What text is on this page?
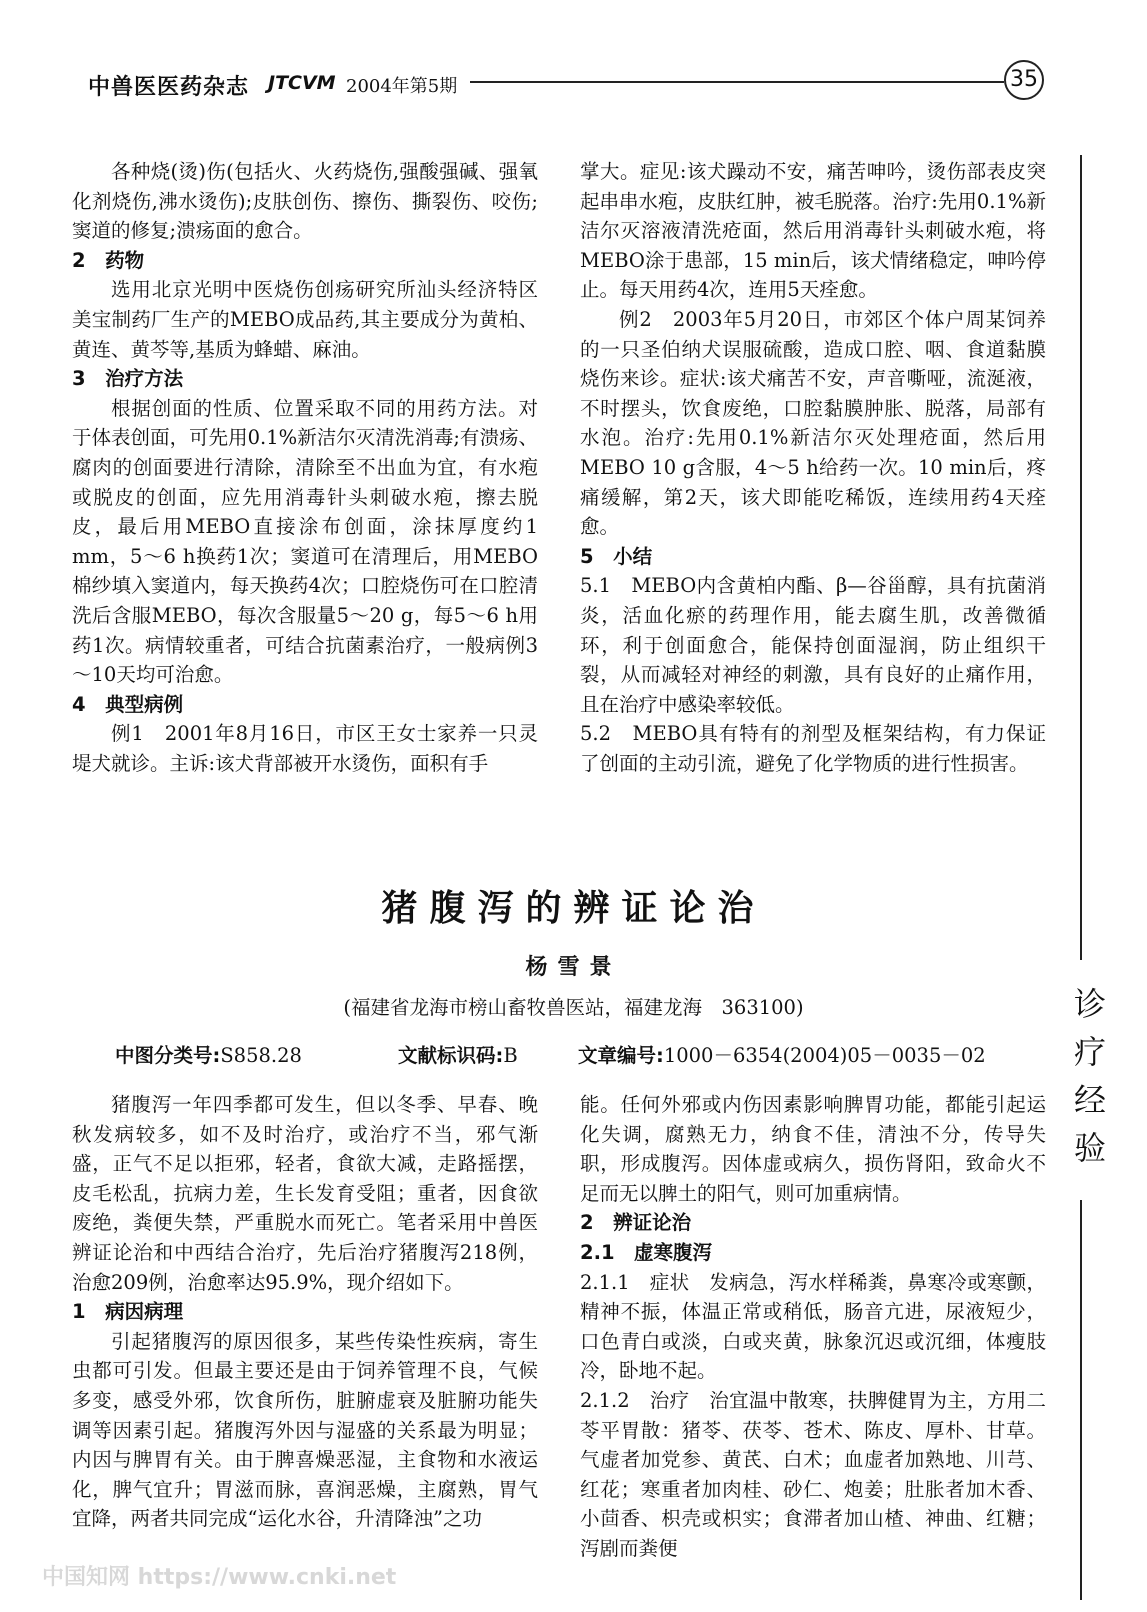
中兽医医药杂志 JTCVM 2004年第5期	35
诊疗经验

各种烧(烫)伤(包括火、火药烧伤,强酸强碱、强氧化剂烧伤,沸水烫伤);皮肤创伤、擦伤、撕裂伤、咬伤;窦道的修复;溃疡面的愈合。

2　药物

选用北京光明中医烧伤创疡研究所汕头经济特区美宝制药厂生产的MEBO成品药,其主要成分为黄柏、黄连、黄芩等,基质为蜂蜡、麻油。

3　治疗方法

根据创面的性质、位置采取不同的用药方法。对于体表创面，可先用0.1%新洁尔灭清洗消毒;有溃疡、腐肉的创面要进行清除，清除至不出血为宜，有水疱或脱皮的创面，应先用消毒针头刺破水疱，擦去脱皮，最后用MEBO直接涂布创面，涂抹厚度约1 mm，5～6 h换药1次；窦道可在清理后，用MEBO棉纱填入窦道内，每天换药4次；口腔烧伤可在口腔清洗后含服MEBO，每次含服量5～20 g，每5～6 h用药1次。病情较重者，可结合抗菌素治疗，一般病例3～10天均可治愈。

4　典型病例

例1　2001年8月16日，市区王女士家养一只灵堤犬就诊。主诉:该犬背部被开水烫伤，面积有手

掌大。症见:该犬躁动不安，痛苦呻吟，烫伤部表皮突起串串水疱，皮肤红肿，被毛脱落。治疗:先用0.1%新洁尔灭溶液清洗疮面，然后用消毒针头刺破水疱，将MEBO涂于患部，15 min后，该犬情绪稳定，呻吟停止。每天用药4次，连用5天痊愈。

例2　2003年5月20日，市郊区个体户周某饲养的一只圣伯纳犬误服硫酸，造成口腔、咽、食道黏膜烧伤来诊。症状:该犬痛苦不安，声音嘶哑，流涎液，不时摆头，饮食废绝，口腔黏膜肿胀、脱落，局部有水泡。治疗:先用0.1%新洁尔灭处理疮面，然后用MEBO 10 g含服，4～5 h给药一次。10 min后，疼痛缓解，第2天，该犬即能吃稀饭，连续用药4天痊愈。

5　小结

5.1　MEBO内含黄柏内酯、β—谷甾醇，具有抗菌消炎，活血化瘀的药理作用，能去腐生肌，改善微循环，利于创面愈合，能保持创面湿润，防止组织干裂，从而减轻对神经的刺激，具有良好的止痛作用，且在治疗中感染率较低。

5.2　MEBO具有特有的剂型及框架结构，有力保证了创面的主动引流，避免了化学物质的进行性损害。

猪腹泻的辨证论治
杨雪景
(福建省龙海市榜山畜牧兽医站，福建龙海　363100)
中图分类号:S858.28	文献标识码:B	文章编号:1000－6354(2004)05－0035－02

猪腹泻一年四季都可发生，但以冬季、早春、晚秋发病较多，如不及时治疗，或治疗不当，邪气渐盛，正气不足以拒邪，轻者，食欲大减，走路摇摆，皮毛松乱，抗病力差，生长发育受阻；重者，因食欲废绝，粪便失禁，严重脱水而死亡。笔者采用中兽医辨证论治和中西结合治疗，先后治疗猪腹泻218例，治愈209例，治愈率达95.9%，现介绍如下。

1　病因病理

引起猪腹泻的原因很多，某些传染性疾病，寄生虫都可引发。但最主要还是由于饲养管理不良，气候多变，感受外邪，饮食所伤，脏腑虚衰及脏腑功能失调等因素引起。猪腹泻外因与湿盛的关系最为明显；内因与脾胃有关。由于脾喜燥恶湿，主食物和水液运化，脾气宜升；胃滋而脉，喜润恶燥，主腐熟，胃气宜降，两者共同完成“运化水谷，升清降浊”之功

能。任何外邪或内伤因素影响脾胃功能，都能引起运化失调，腐熟无力，纳食不佳，清浊不分，传导失职，形成腹泻。因体虚或病久，损伤肾阳，致命火不足而无以脾土的阳气，则可加重病情。

2　辨证论治
2.1　虚寒腹泻

2.1.1　症状　发病急，泻水样稀粪，鼻寒冷或寒颤，精神不振，体温正常或稍低，肠音亢进，尿液短少，口色青白或淡，白或夹黄，脉象沉迟或沉细，体瘦肢冷，卧地不起。

2.1.2　治疗　治宜温中散寒，扶脾健胃为主，方用二苓平胃散：猪苓、茯苓、苍术、陈皮、厚朴、甘草。气虚者加党参、黄芪、白术；血虚者加熟地、川芎、红花；寒重者加肉桂、砂仁、炮姜；肚胀者加木香、小茴香、枳壳或枳实；食滞者加山楂、神曲、红糖；泻剧而粪便

中国知网 https://www.cnki.net
